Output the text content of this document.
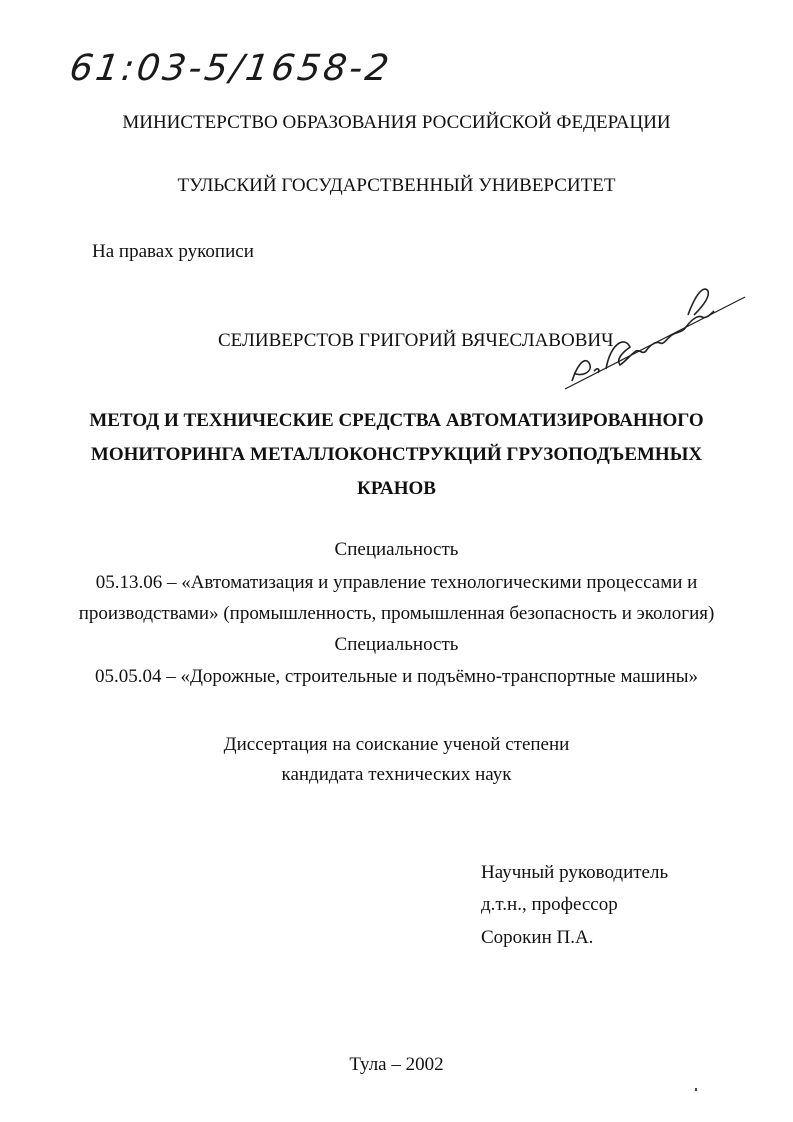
61:03-5/1658-2
МИНИСТЕРСТВО ОБРАЗОВАНИЯ РОССИЙСКОЙ ФЕДЕРАЦИИ
ТУЛЬСКИЙ ГОСУДАРСТВЕННЫЙ УНИВЕРСИТЕТ
На правах рукописи
СЕЛИВЕРСТОВ ГРИГОРИЙ ВЯЧЕСЛАВОВИЧ
МЕТОД И ТЕХНИЧЕСКИЕ СРЕДСТВА АВТОМАТИЗИРОВАННОГО
МОНИТОРИНГА МЕТАЛЛОКОНСТРУКЦИЙ ГРУЗОПОДЪЕМНЫХ
КРАНОВ
Специальность
05.13.06 – «Автоматизация и управление технологическими процессами и
производствами» (промышленность, промышленная безопасность и экология)
Специальность
05.05.04 – «Дорожные, строительные и подъёмно-транспортные машины»
Диссертация на соискание ученой степени
кандидата технических наук
Научный руководитель
д.т.н., профессор
Сорокин П.А.
Тула – 2002
